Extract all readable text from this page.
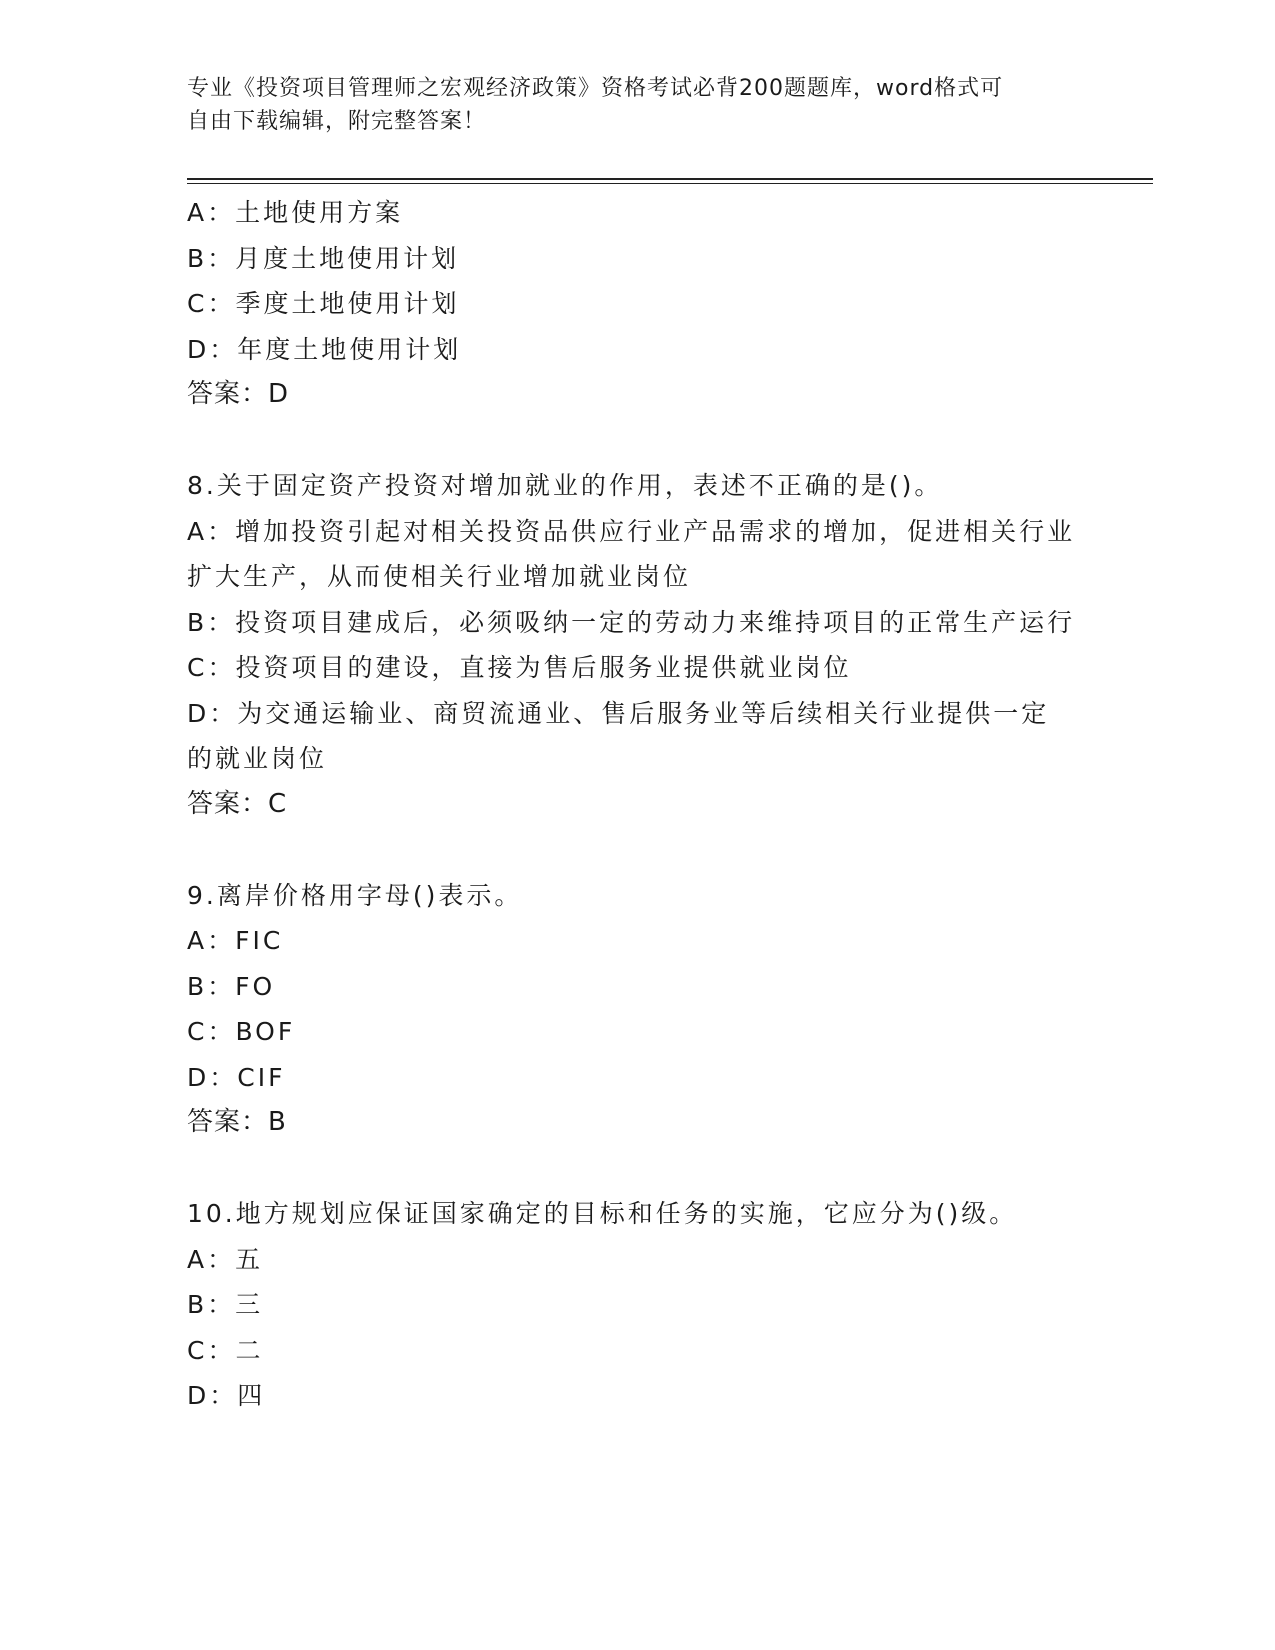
专业《投资项目管理师之宏观经济政策》资格考试必背200题题库，word格式可
自由下载编辑，附完整答案！

A：土地使用方案

B：月度土地使用计划

C：季度土地使用计划

D：年度土地使用计划

答案：D

8.关于固定资产投资对增加就业的作用，表述不正确的是()。

A：增加投资引起对相关投资品供应行业产品需求的增加，促进相关行业扩大生产，从而使相关行业增加就业岗位

B：投资项目建成后，必须吸纳一定的劳动力来维持项目的正常生产运行

C：投资项目的建设，直接为售后服务业提供就业岗位

D：为交通运输业、商贸流通业、售后服务业等后续相关行业提供一定的就业岗位

答案：C

9.离岸价格用字母()表示。

A：FIC

B：FO

C：BOF

D：CIF

答案：B

10.地方规划应保证国家确定的目标和任务的实施，它应分为()级。

A：五

B：三

C：二

D：四
